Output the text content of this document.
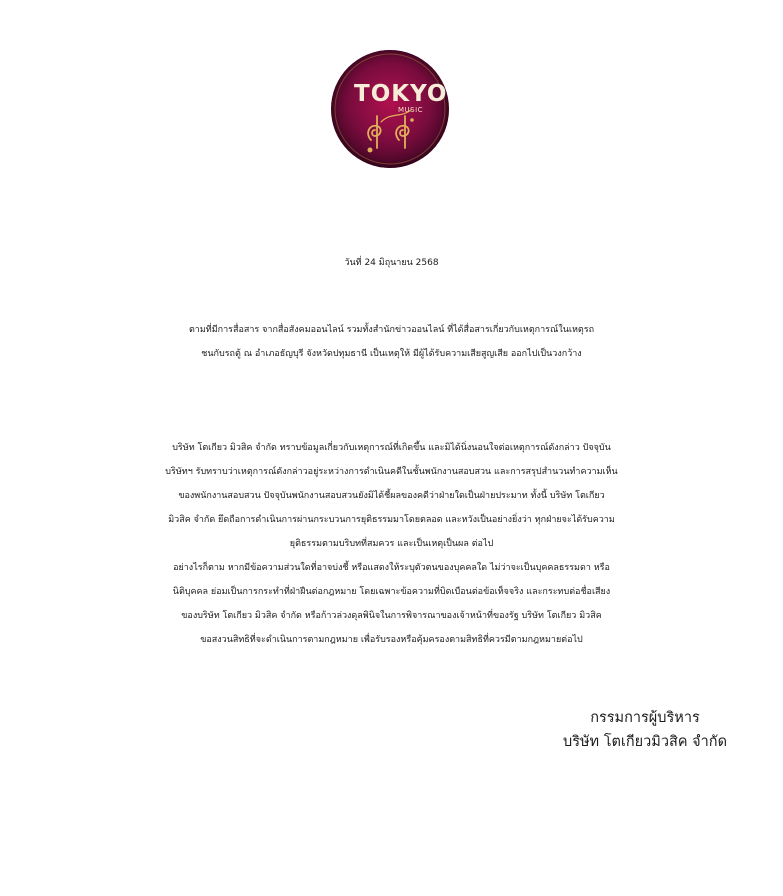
TOKYO
MUSIC
วันที่ 24 มิถุนายน 2568
ตามที่มีการสื่อสาร จากสื่อสังคมออนไลน์ รวมทั้งสำนักข่าวออนไลน์ ที่ได้สื่อสารเกี่ยวกับเหตุการณ์ในเหตุรถ
ชนกับรถตู้ ณ อำเภอธัญบุรี จังหวัดปทุมธานี เป็นเหตุให้ มีผู้ได้รับความเสียสูญเสีย ออกไปเป็นวงกว้าง
บริษัท โตเกียว มิวสิค จำกัด ทราบข้อมูลเกี่ยวกับเหตุการณ์ที่เกิดขึ้น และมิได้นิ่งนอนใจต่อเหตุการณ์ดังกล่าว ปัจจุบัน
บริษัทฯ รับทราบว่าเหตุการณ์ดังกล่าวอยู่ระหว่างการดำเนินคดีในชั้นพนักงานสอบสวน และการสรุปสำนวนทำความเห็น
ของพนักงานสอบสวน ปัจจุบันพนักงานสอบสวนยังมิได้ชี้ผลของคดีว่าฝ่ายใดเป็นฝ่ายประมาท ทั้งนี้ บริษัท โตเกียว
มิวสิค จำกัด ยึดถือการดำเนินการผ่านกระบวนการยุติธรรมมาโดยตลอด และหวังเป็นอย่างยิ่งว่า ทุกฝ่ายจะได้รับความ
ยุติธรรมตามบริบทที่สมควร และเป็นเหตุเป็นผล ต่อไป
อย่างไรก็ตาม หากมีข้อความส่วนใดที่อาจบ่งชี้ หรือแสดงให้ระบุตัวตนของบุคคลใด ไม่ว่าจะเป็นบุคคลธรรมดา หรือ
นิติบุคคล ย่อมเป็นการกระทำที่ฝ่าฝืนต่อกฎหมาย โดยเฉพาะข้อความที่บิดเบือนต่อข้อเท็จจริง และกระทบต่อชื่อเสียง
ของบริษัท โตเกียว มิวสิค จำกัด หรือก้าวล่วงดุลพินิจในการพิจารณาของเจ้าหน้าที่ของรัฐ บริษัท โตเกียว มิวสิค
ขอสงวนสิทธิที่จะดำเนินการตามกฎหมาย เพื่อรับรองหรือคุ้มครองตามสิทธิที่ควรมีตามกฎหมายต่อไป
กรรมการผู้บริหาร
บริษัท โตเกียวมิวสิค จำกัด
